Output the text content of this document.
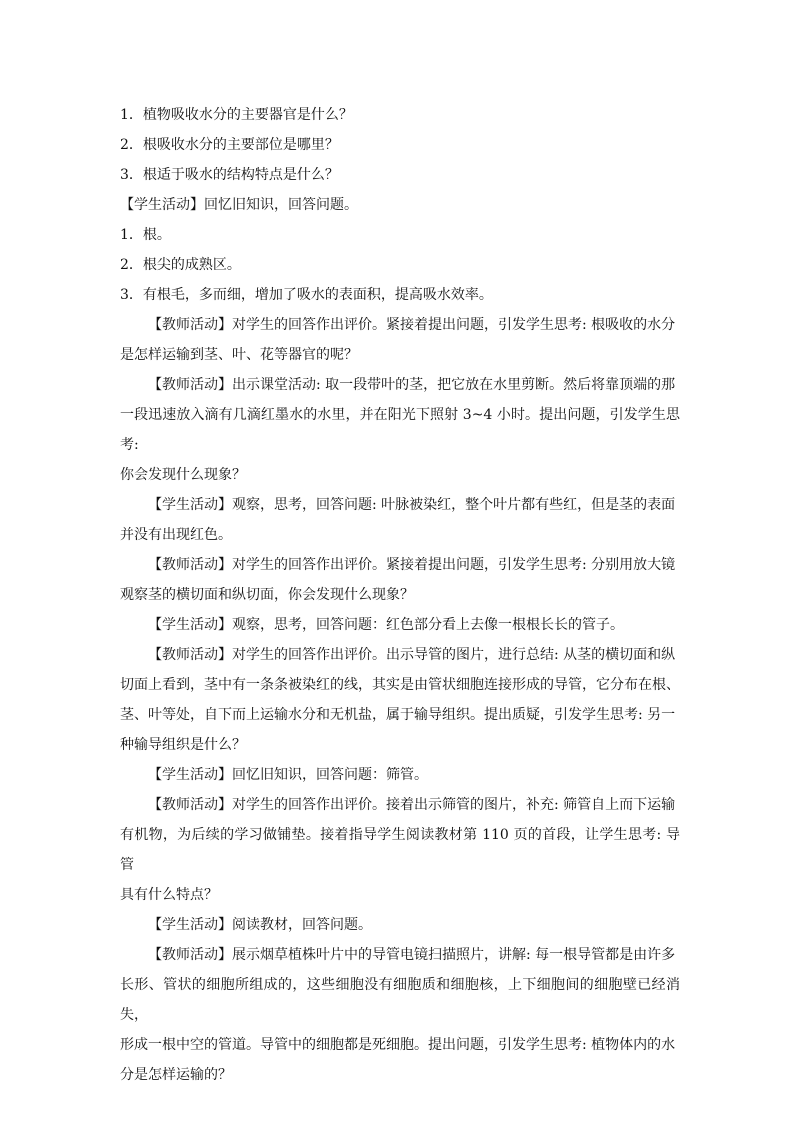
1．植物吸收水分的主要器官是什么？
2．根吸收水分的主要部位是哪里？
3．根适于吸水的结构特点是什么？
【学生活动】回忆旧知识，回答问题。
1．根。
2．根尖的成熟区。
3．有根毛，多而细，增加了吸水的表面积，提高吸水效率。
【教师活动】对学生的回答作出评价。紧接着提出问题，引发学生思考: 根吸收的水分
是怎样运输到茎、叶、花等器官的呢？
【教师活动】出示课堂活动: 取一段带叶的茎，把它放在水里剪断。然后将靠顶端的那
一段迅速放入滴有几滴红墨水的水里，并在阳光下照射 3~4 小时。提出问题，引发学生思考:
你会发现什么现象？
【学生活动】观察，思考，回答问题: 叶脉被染红，整个叶片都有些红，但是茎的表面
并没有出现红色。
【教师活动】对学生的回答作出评价。紧接着提出问题，引发学生思考: 分别用放大镜
观察茎的横切面和纵切面，你会发现什么现象？
【学生活动】观察，思考，回答问题：红色部分看上去像一根根长长的管子。
【教师活动】对学生的回答作出评价。出示导管的图片，进行总结: 从茎的横切面和纵
切面上看到，茎中有一条条被染红的线，其实是由管状细胞连接形成的导管，它分布在根、
茎、叶等处，自下而上运输水分和无机盐，属于输导组织。提出质疑，引发学生思考: 另一
种输导组织是什么？
【学生活动】回忆旧知识，回答问题：筛管。
【教师活动】对学生的回答作出评价。接着出示筛管的图片，补充: 筛管自上而下运输
有机物，为后续的学习做铺垫。接着指导学生阅读教材第 110 页的首段，让学生思考: 导管
具有什么特点？
【学生活动】阅读教材，回答问题。
【教师活动】展示烟草植株叶片中的导管电镜扫描照片，讲解: 每一根导管都是由许多
长形、管状的细胞所组成的，这些细胞没有细胞质和细胞核，上下细胞间的细胞壁已经消失，
形成一根中空的管道。导管中的细胞都是死细胞。提出问题，引发学生思考: 植物体内的水
分是怎样运输的？
